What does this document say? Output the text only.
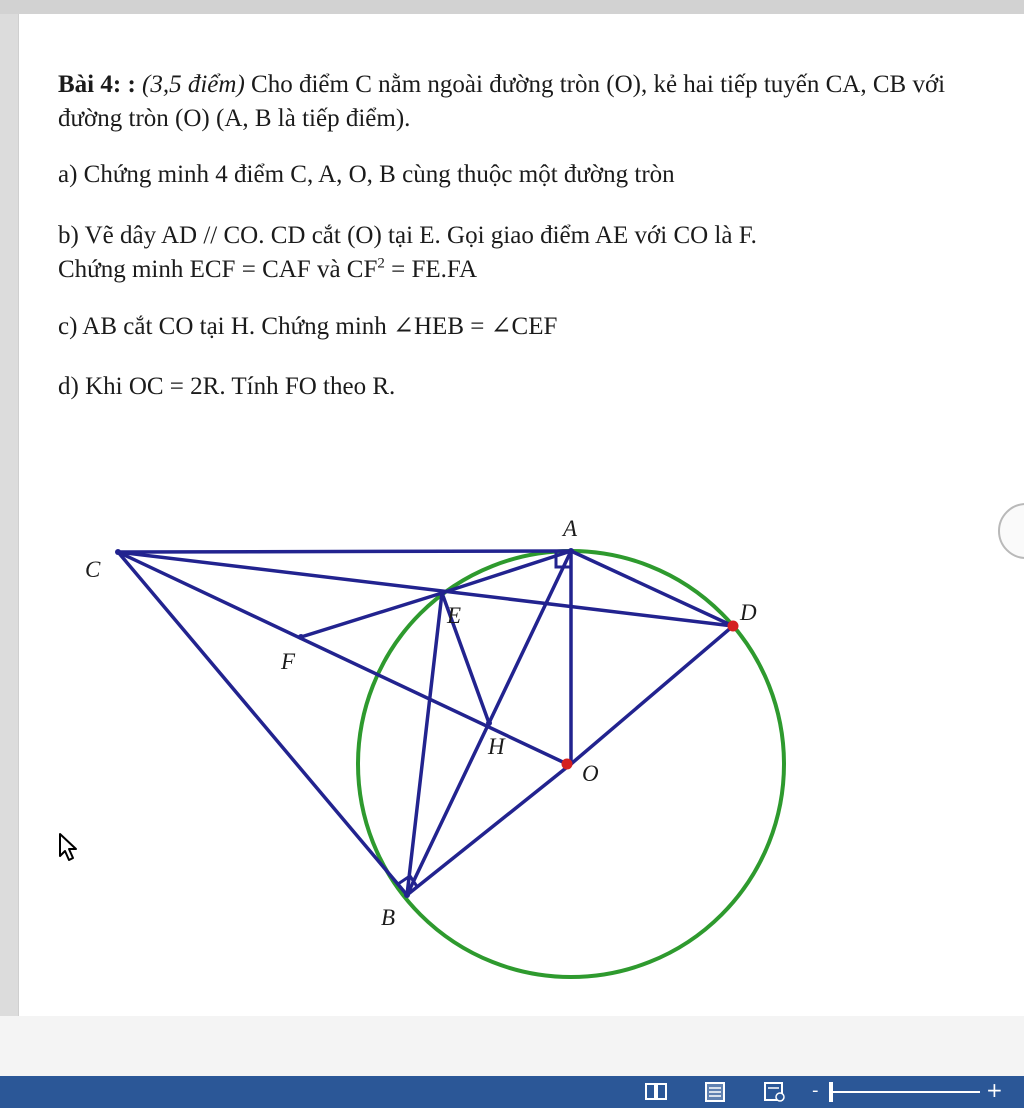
Bài 4: : (3,5 điểm) Cho điểm C nằm ngoài đường tròn (O), kẻ hai tiếp tuyến CA, CB với đường tròn (O) (A, B là tiếp điểm).
a) Chứng minh 4 điểm C, A, O, B cùng thuộc một đường tròn
b) Vẽ dây AD // CO. CD cắt (O) tại E. Gọi giao điểm AE với CO là F.
Chứng minh ECF = CAF và $CF^2 = FE.FA$
c) AB cắt CO tại H. Chứng minh ∠HEB = ∠CEF
d) Khi OC = 2R. Tính FO theo R.
A
C
D
E
F
H
O
B
-	+
